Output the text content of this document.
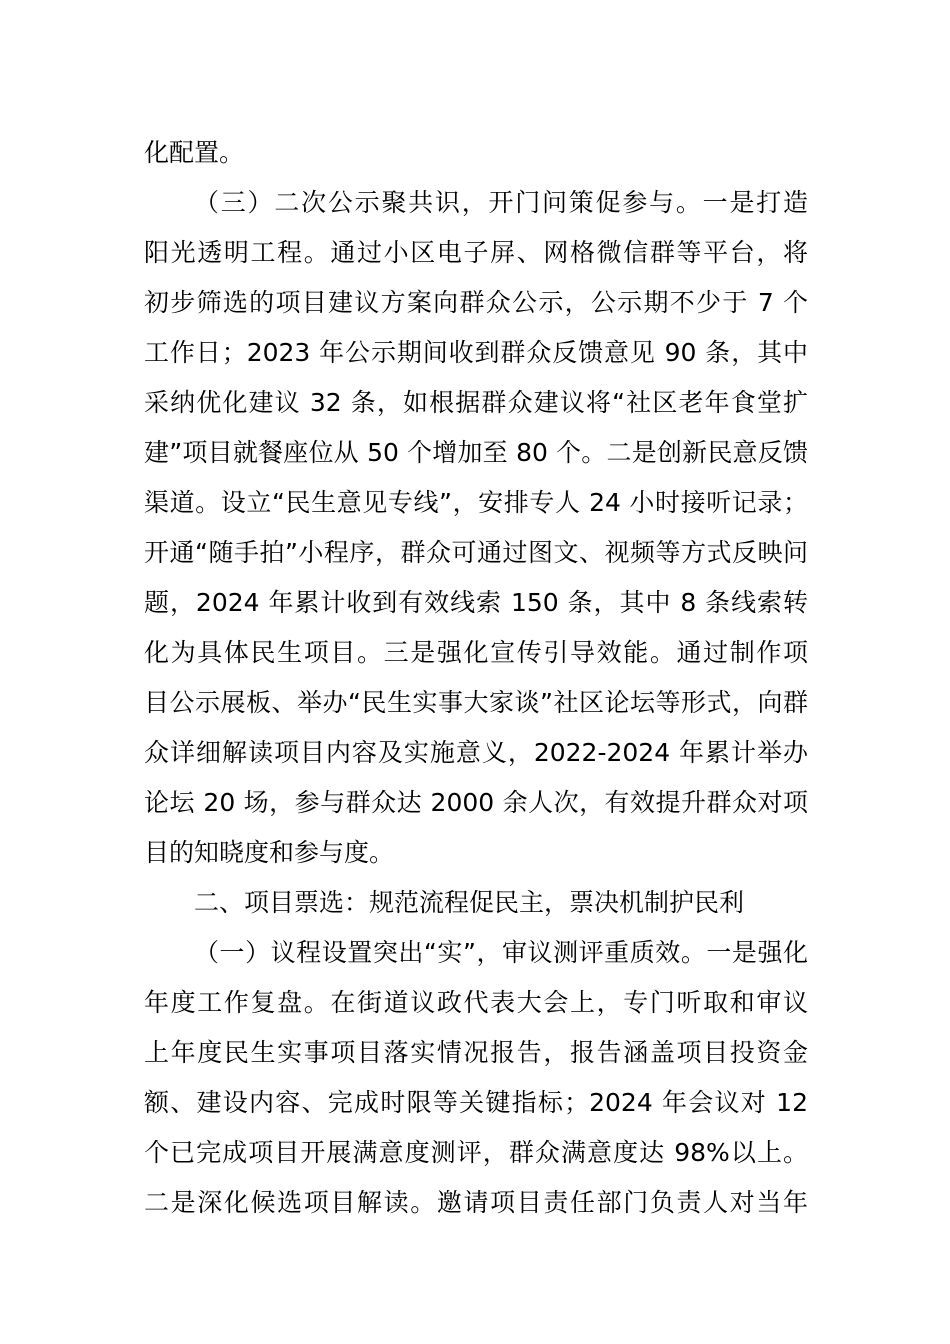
化配置。
（三）二次公示聚共识，开门问策促参与。一是打造
阳光透明工程。通过小区电子屏、网格微信群等平台，将
初步筛选的项目建议方案向群众公示，公示期不少于 7 个
工作日；2023 年公示期间收到群众反馈意见 90 条，其中
采纳优化建议 32 条，如根据群众建议将“社区老年食堂扩
建”项目就餐座位从 50 个增加至 80 个。二是创新民意反馈
渠道。设立“民生意见专线”，安排专人 24 小时接听记录；
开通“随手拍”小程序，群众可通过图文、视频等方式反映问
题，2024 年累计收到有效线索 150 条，其中 8 条线索转
化为具体民生项目。三是强化宣传引导效能。通过制作项
目公示展板、举办“民生实事大家谈”社区论坛等形式，向群
众详细解读项目内容及实施意义，2022-2024 年累计举办
论坛 20 场，参与群众达 2000 余人次，有效提升群众对项
目的知晓度和参与度。
二、项目票选：规范流程促民主，票决机制护民利
（一）议程设置突出“实”，审议测评重质效。一是强化
年度工作复盘。在街道议政代表大会上，专门听取和审议
上年度民生实事项目落实情况报告，报告涵盖项目投资金
额、建设内容、完成时限等关键指标；2024 年会议对 12
个已完成项目开展满意度测评，群众满意度达 98%以上。
二是深化候选项目解读。邀请项目责任部门负责人对当年
